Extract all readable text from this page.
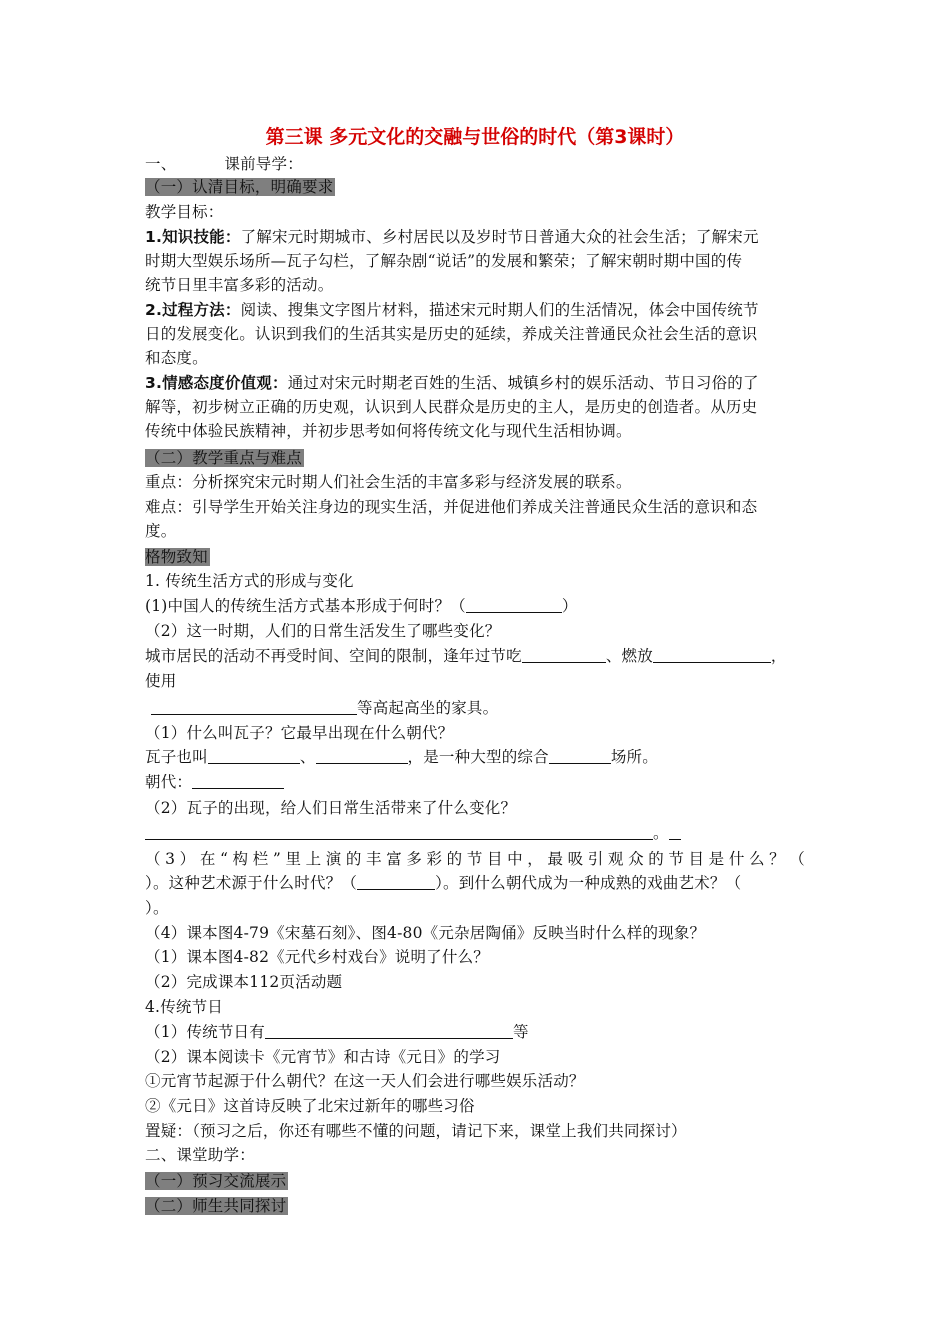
第三课 多元文化的交融与世俗的时代（第3课时）
一、	课前导学：
（一）认清目标，明确要求
教学目标：
1.知识技能：了解宋元时期城市、乡村居民以及岁时节日普通大众的社会生活；了解宋元
时期大型娱乐场所—瓦子勾栏，了解杂剧“说话”的发展和繁荣；了解宋朝时期中国的传
统节日里丰富多彩的活动。
2.过程方法：阅读、搜集文字图片材料，描述宋元时期人们的生活情况，体会中国传统节
日的发展变化。认识到我们的生活其实是历史的延续，养成关注普通民众社会生活的意识
和态度。
3.情感态度价值观：通过对宋元时期老百姓的生活、城镇乡村的娱乐活动、节日习俗的了
解等，初步树立正确的历史观，认识到人民群众是历史的主人，是历史的创造者。从历史
传统中体验民族精神，并初步思考如何将传统文化与现代生活相协调。
（二）教学重点与难点
重点：分析探究宋元时期人们社会生活的丰富多彩与经济发展的联系。
难点：引导学生开始关注身边的现实生活，并促进他们养成关注普通民众生活的意识和态
度。
格物致知
1. 传统生活方式的形成与变化
(1)中国人的传统生活方式基本形成于何时？（	）
（2）这一时期，人们的日常生活发生了哪些变化？
城市居民的活动不再受时间、空间的限制，逢年过节吃	、燃放	，
使用
等高起高坐的家具。
（1）什么叫瓦子？它最早出现在什么朝代？
瓦子也叫	、	，是一种大型的综合	场所。
朝代：
（2）瓦子的出现，给人们日常生活带来了什么变化？
。
（3）在“构栏”里上演的丰富多彩的节目中，最吸引观众的节目是什么？（
）。这种艺术源于什么时代？（	）。到什么朝代成为一种成熟的戏曲艺术？（
）。
（4）课本图4-79《宋墓石刻》、图4-80《元杂居陶俑》反映当时什么样的现象？
（1）课本图4-82《元代乡村戏台》说明了什么？
（2）完成课本112页活动题
4.传统节日
（1）传统节日有	等
（2）课本阅读卡《元宵节》和古诗《元日》的学习
①元宵节起源于什么朝代？在这一天人们会进行哪些娱乐活动？
②《元日》这首诗反映了北宋过新年的哪些习俗
置疑：（预习之后，你还有哪些不懂的问题，请记下来，课堂上我们共同探讨）
二、课堂助学：
（一）预习交流展示
（二）师生共同探讨
